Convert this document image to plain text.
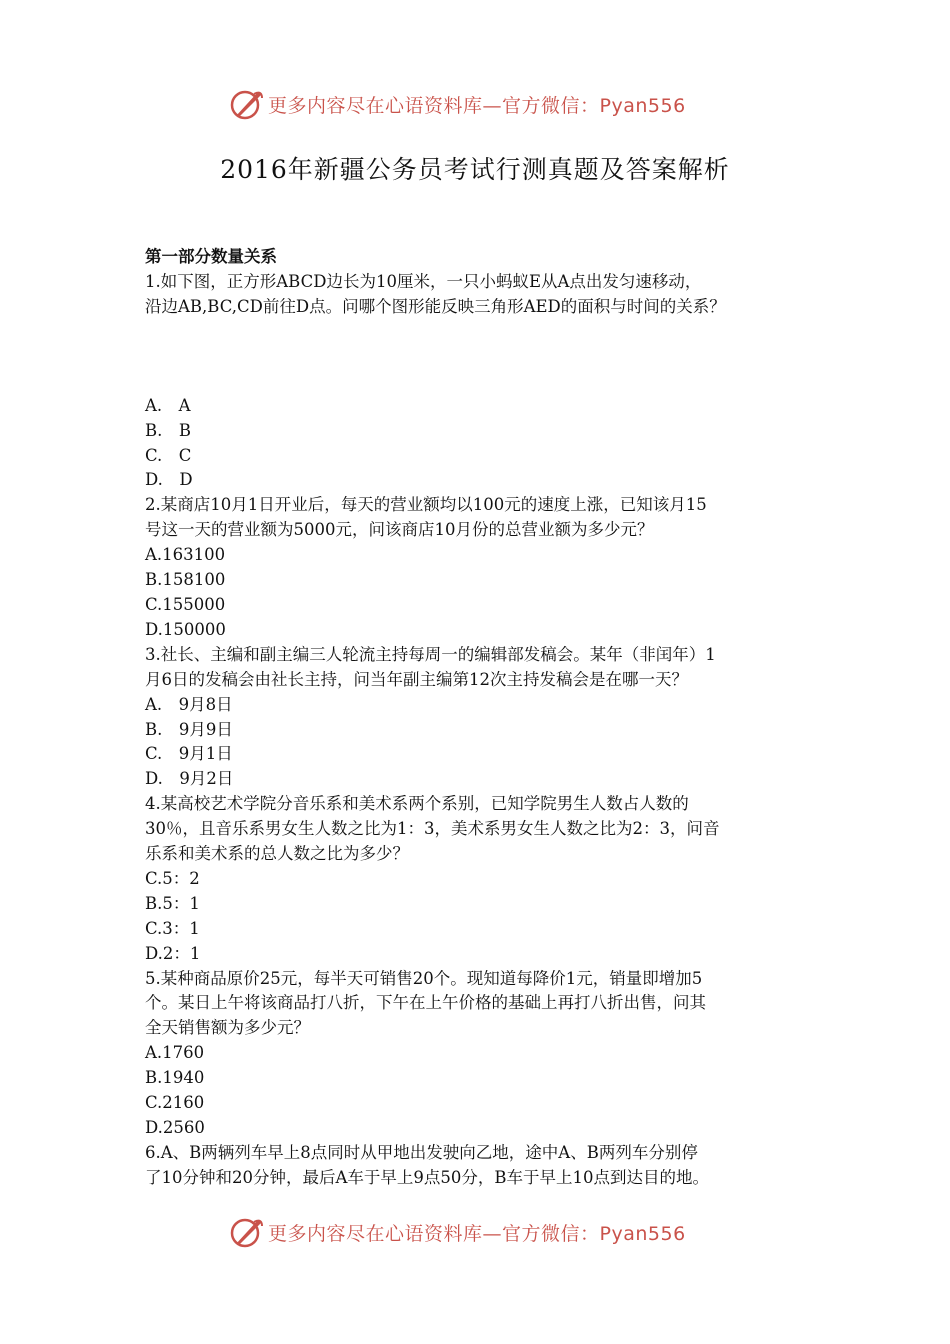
更多内容尽在心语资料库—官方微信：Pyan556
2016年新疆公务员考试行测真题及答案解析
第一部分数量关系
1.如下图，正方形ABCD边长为10厘米，一只小蚂蚁E从A点出发匀速移动，
沿边AB,BC,CD前往D点。问哪个图形能反映三角形AED的面积与时间的关系？
A.　A
B.　B
C.　C
D.　D
2.某商店10月1日开业后，每天的营业额均以100元的速度上涨，已知该月15
号这一天的营业额为5000元，问该商店10月份的总营业额为多少元？
A.163100
B.158100
C.155000
D.150000
3.社长、主编和副主编三人轮流主持每周一的编辑部发稿会。某年（非闰年）1
月6日的发稿会由社长主持，问当年副主编第12次主持发稿会是在哪一天？
A.　9月8日
B.　9月9日
C.　9月1日
D.　9月2日
4.某高校艺术学院分音乐系和美术系两个系别，已知学院男生人数占人数的
30％，且音乐系男女生人数之比为1：3，美术系男女生人数之比为2：3，问音
乐系和美术系的总人数之比为多少？
C.5：2
B.5：1
C.3：1
D.2：1
5.某种商品原价25元，每半天可销售20个。现知道每降价1元，销量即增加5
个。某日上午将该商品打八折，下午在上午价格的基础上再打八折出售，问其
全天销售额为多少元？
A.1760
B.1940
C.2160
D.2560
6.A、B两辆列车早上8点同时从甲地出发驶向乙地，途中A、B两列车分别停
了10分钟和20分钟，最后A车于早上9点50分，B车于早上10点到达目的地。
更多内容尽在心语资料库—官方微信：Pyan556
